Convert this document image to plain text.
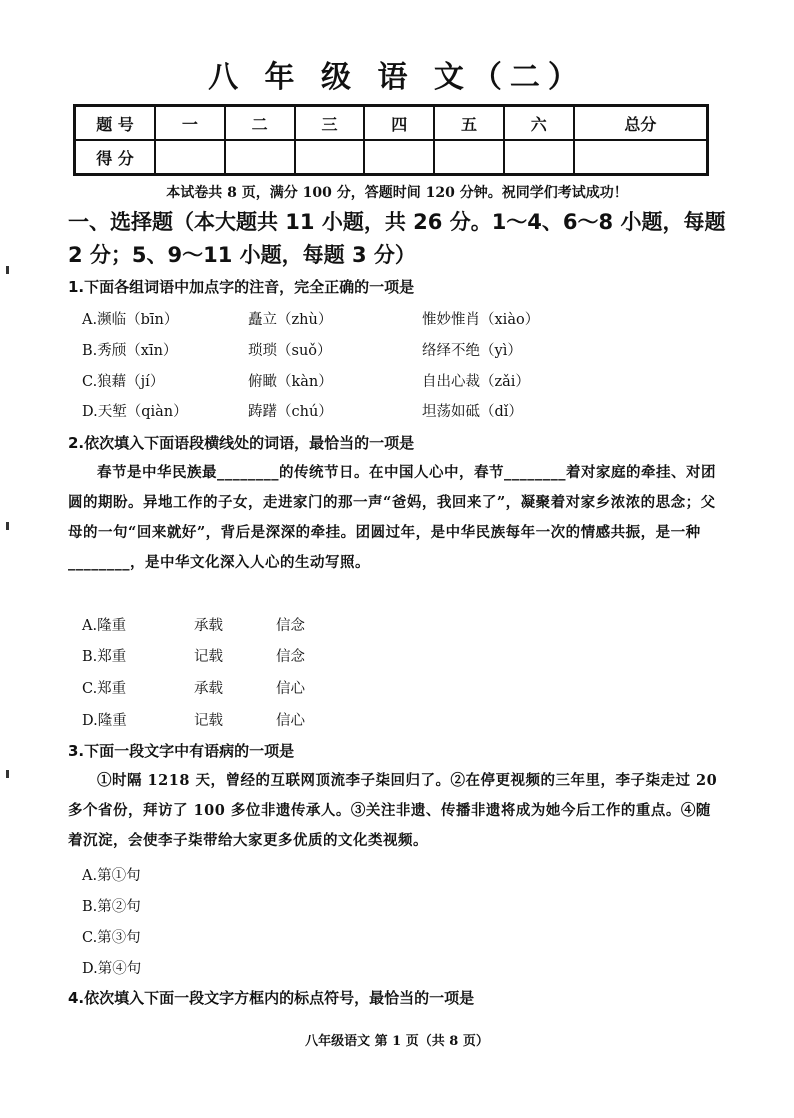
八 年 级 语 文（二）
题 号	一	二	三	四	五	六	总分
得 分							
本试卷共 8 页，满分 100 分，答题时间 120 分钟。祝同学们考试成功！
一、选择题（本大题共 11 小题，共 26 分。1～4、6～8 小题，每题 2 分；5、9～11 小题，每题 3 分）
1.下面各组词语中加点字的注音，完全正确的一项是
A.濒临（bīn）	矗立（zhù）	惟妙惟肖（xiào）
B.秀颀（xīn）	琐琐（suǒ）	络绎不绝（yì）
C.狼藉（jí）	俯瞰（kàn）	自出心裁（zǎi）
D.天堑（qiàn）	踌躇（chú）	坦荡如砥（dǐ）
2.依次填入下面语段横线处的词语，最恰当的一项是
春节是中华民族最________的传统节日。在中国人心中，春节________着对家庭的牵挂、对团圆的期盼。异地工作的子女，走进家门的那一声“爸妈，我回来了”，凝聚着对家乡浓浓的思念；父母的一句“回来就好”，背后是深深的牵挂。团圆过年，是中华民族每年一次的情感共振，是一种________，是中华文化深入人心的生动写照。
A.隆重	承载	信念
B.郑重	记载	信念
C.郑重	承载	信心
D.隆重	记载	信心
3.下面一段文字中有语病的一项是
①时隔 1218 天，曾经的互联网顶流李子柒回归了。②在停更视频的三年里，李子柒走过 20 多个省份，拜访了 100 多位非遗传承人。③关注非遗、传播非遗将成为她今后工作的重点。④随着沉淀，会使李子柒带给大家更多优质的文化类视频。
A.第①句
B.第②句
C.第③句
D.第④句
4.依次填入下面一段文字方框内的标点符号，最恰当的一项是
八年级语文 第 1 页（共 8 页）
